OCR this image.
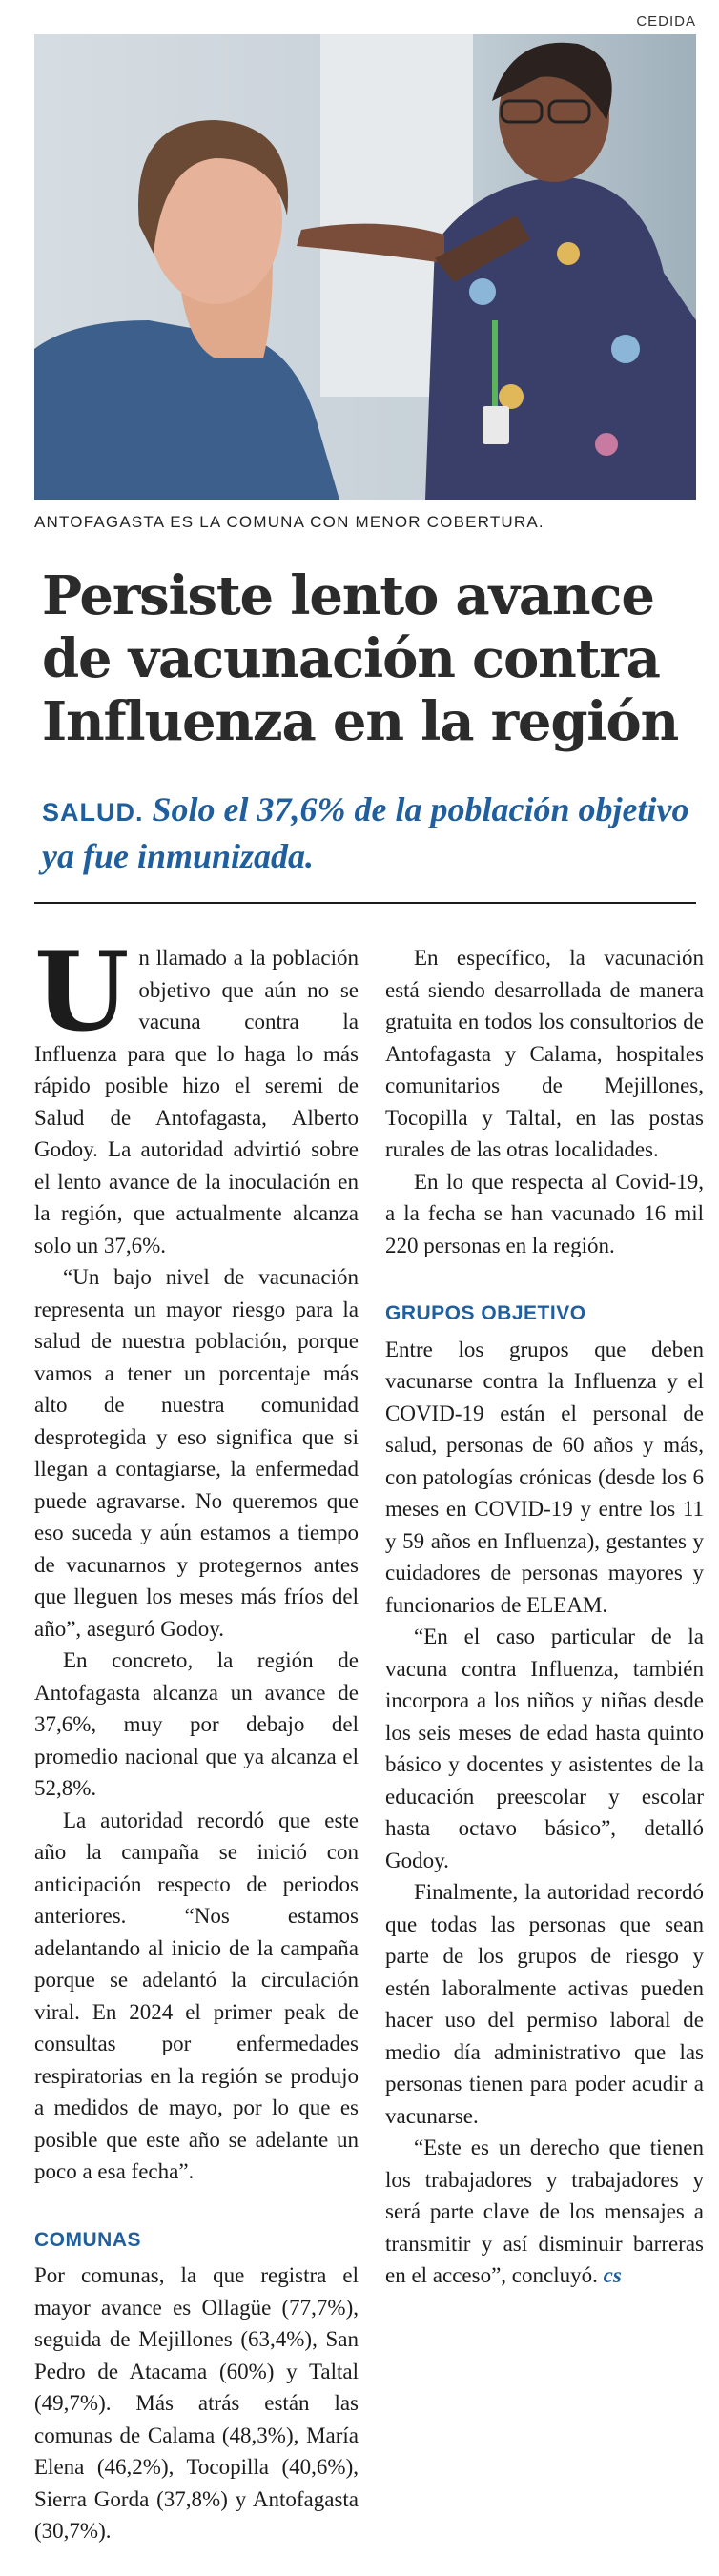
CEDIDA
ANTOFAGASTA ES LA COMUNA CON MENOR COBERTURA.
Persiste lento avance de vacunación contra Influenza en la región
SALUD. Solo el 37,6% de la población objetivo ya fue inmunizada.

Un llamado a la población objetivo que aún no se vacuna contra la Influenza para que lo haga lo más rápido posible hizo el seremi de Salud de Antofagasta, Alberto Godoy. La autoridad advirtió sobre el lento avance de la inoculación en la región, que actualmente alcanza solo un 37,6%.

“Un bajo nivel de vacunación representa un mayor riesgo para la salud de nuestra población, porque vamos a tener un porcentaje más alto de nuestra comunidad desprotegida y eso significa que si llegan a contagiarse, la enfermedad puede agravarse. No queremos que eso suceda y aún estamos a tiempo de vacunarnos y protegernos antes que lleguen los meses más fríos del año”, aseguró Godoy.

En concreto, la región de Antofagasta alcanza un avance de 37,6%, muy por debajo del promedio nacional que ya alcanza el 52,8%.

La autoridad recordó que este año la campaña se inició con anticipación respecto de periodos anteriores. “Nos estamos adelantando al inicio de la campaña porque se adelantó la circulación viral. En 2024 el primer peak de consultas por enfermedades respiratorias en la región se produjo a medidos de mayo, por lo que es posible que este año se adelante un poco a esa fecha”.

COMUNAS

Por comunas, la que registra el mayor avance es Ollagüe (77,7%), seguida de Mejillones (63,4%), San Pedro de Atacama (60%) y Taltal (49,7%). Más atrás están las comunas de Calama (48,3%), María Elena (46,2%), Tocopilla (40,6%), Sierra Gorda (37,8%) y Antofagasta (30,7%).

En específico, la vacunación está siendo desarrollada de manera gratuita en todos los consultorios de Antofagasta y Calama, hospitales comunitarios de Mejillones, Tocopilla y Taltal, en las postas rurales de las otras localidades.

En lo que respecta al Covid-19, a la fecha se han vacunado 16 mil 220 personas en la región.

GRUPOS OBJETIVO

Entre los grupos que deben vacunarse contra la Influenza y el COVID-19 están el personal de salud, personas de 60 años y más, con patologías crónicas (desde los 6 meses en COVID-19 y entre los 11 y 59 años en Influenza), gestantes y cuidadores de personas mayores y funcionarios de ELEAM.

“En el caso particular de la vacuna contra Influenza, también incorpora a los niños y niñas desde los seis meses de edad hasta quinto básico y docentes y asistentes de la educación preescolar y escolar hasta octavo básico”, detalló Godoy.

Finalmente, la autoridad recordó que todas las personas que sean parte de los grupos de riesgo y estén laboralmente activas pueden hacer uso del permiso laboral de medio día administrativo que las personas tienen para poder acudir a vacunarse.

“Este es un derecho que tienen los trabajadores y trabajadores y será parte clave de los mensajes a transmitir y así disminuir barreras en el acceso”, concluyó. cs
